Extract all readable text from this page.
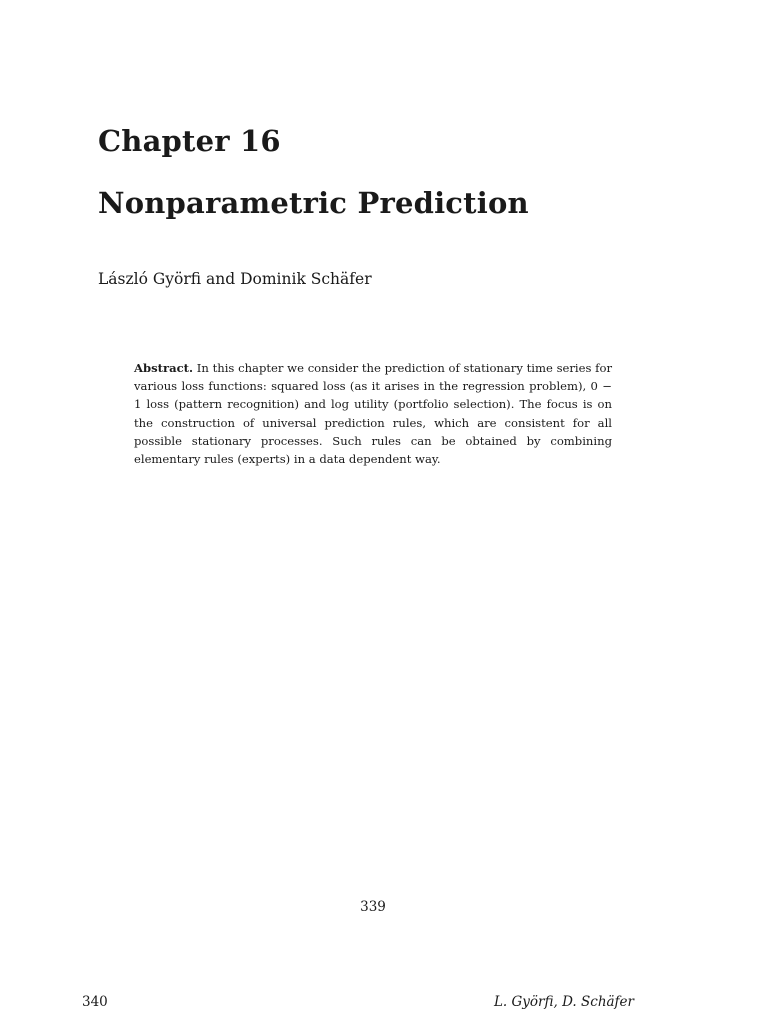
Chapter 16
Nonparametric Prediction
László Györfi and Dominik Schäfer
Abstract. In this chapter we consider the prediction of stationary time series for various loss functions: squared loss (as it arises in the regression problem), 0 − 1 loss (pattern recognition) and log utility (portfolio selection). The focus is on the construction of universal prediction rules, which are consistent for all possible stationary processes. Such rules can be obtained by combining elementary rules (experts) in a data dependent way.
339
340	L. Györfi, D. Schäfer
